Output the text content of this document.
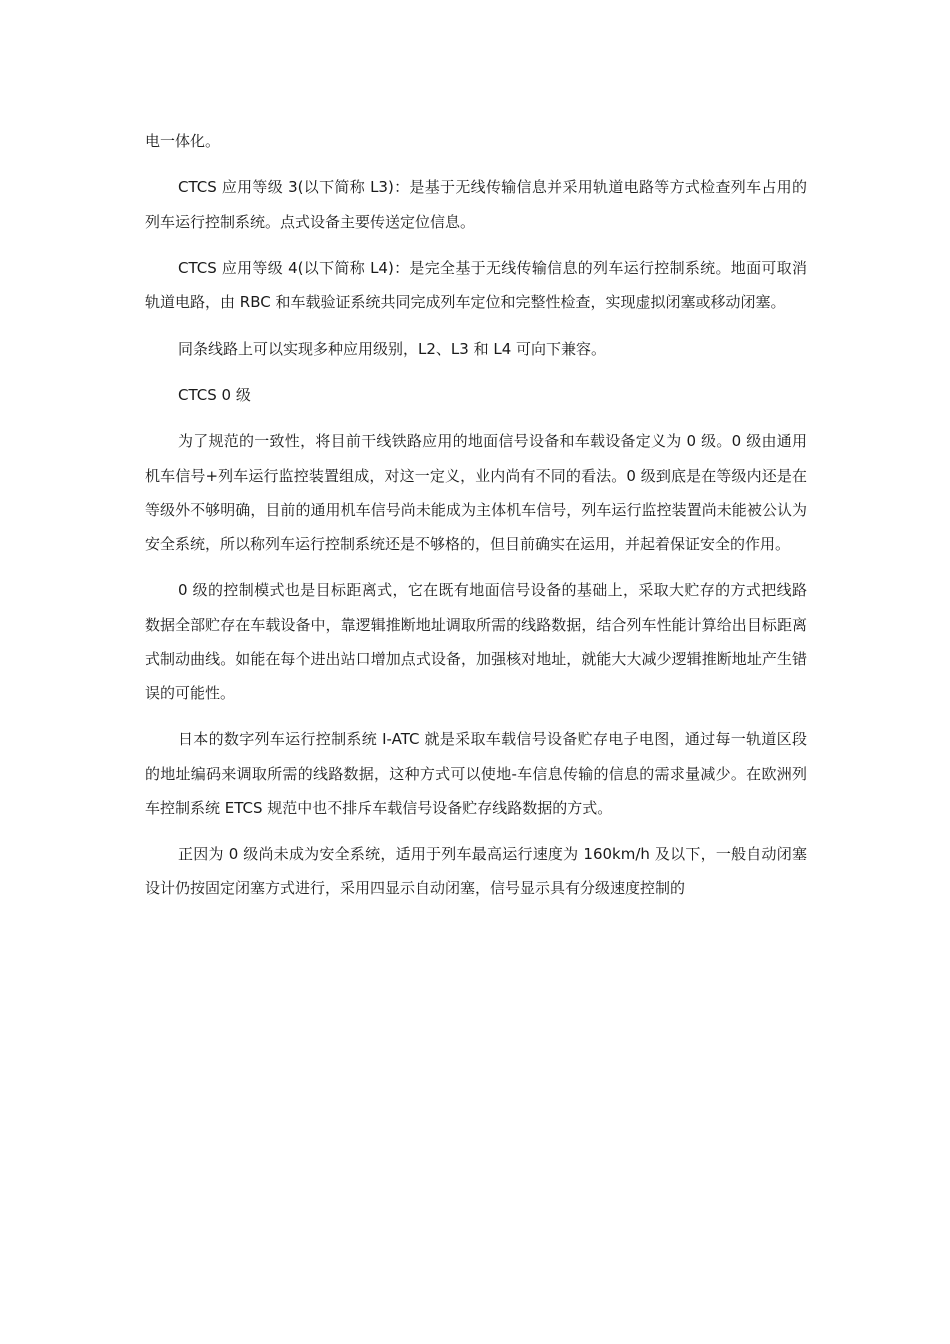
电一体化。

CTCS 应用等级 3(以下简称 L3)：是基于无线传输信息并采用轨道电路等方式检查列车占用的列车运行控制系统。点式设备主要传送定位信息。

CTCS 应用等级 4(以下简称 L4)：是完全基于无线传输信息的列车运行控制系统。地面可取消轨道电路，由 RBC 和车载验证系统共同完成列车定位和完整性检查，实现虚拟闭塞或移动闭塞。

同条线路上可以实现多种应用级别，L2、L3 和 L4 可向下兼容。

CTCS 0 级

为了规范的一致性，将目前干线铁路应用的地面信号设备和车载设备定义为 0 级。0 级由通用机车信号+列车运行监控装置组成，对这一定义，业内尚有不同的看法。0 级到底是在等级内还是在等级外不够明确，目前的通用机车信号尚未能成为主体机车信号，列车运行监控装置尚未能被公认为安全系统，所以称列车运行控制系统还是不够格的，但目前确实在运用，并起着保证安全的作用。

0 级的控制模式也是目标距离式，它在既有地面信号设备的基础上，采取大贮存的方式把线路数据全部贮存在车载设备中，靠逻辑推断地址调取所需的线路数据，结合列车性能计算给出目标距离式制动曲线。如能在每个进出站口增加点式设备，加强核对地址，就能大大减少逻辑推断地址产生错误的可能性。

日本的数字列车运行控制系统 I-ATC 就是采取车载信号设备贮存电子电图，通过每一轨道区段的地址编码来调取所需的线路数据，这种方式可以使地-车信息传输的信息的需求量减少。在欧洲列车控制系统 ETCS 规范中也不排斥车载信号设备贮存线路数据的方式。

正因为 0 级尚未成为安全系统，适用于列车最高运行速度为 160km/h 及以下，一般自动闭塞设计仍按固定闭塞方式进行，采用四显示自动闭塞，信号显示具有分级速度控制的
